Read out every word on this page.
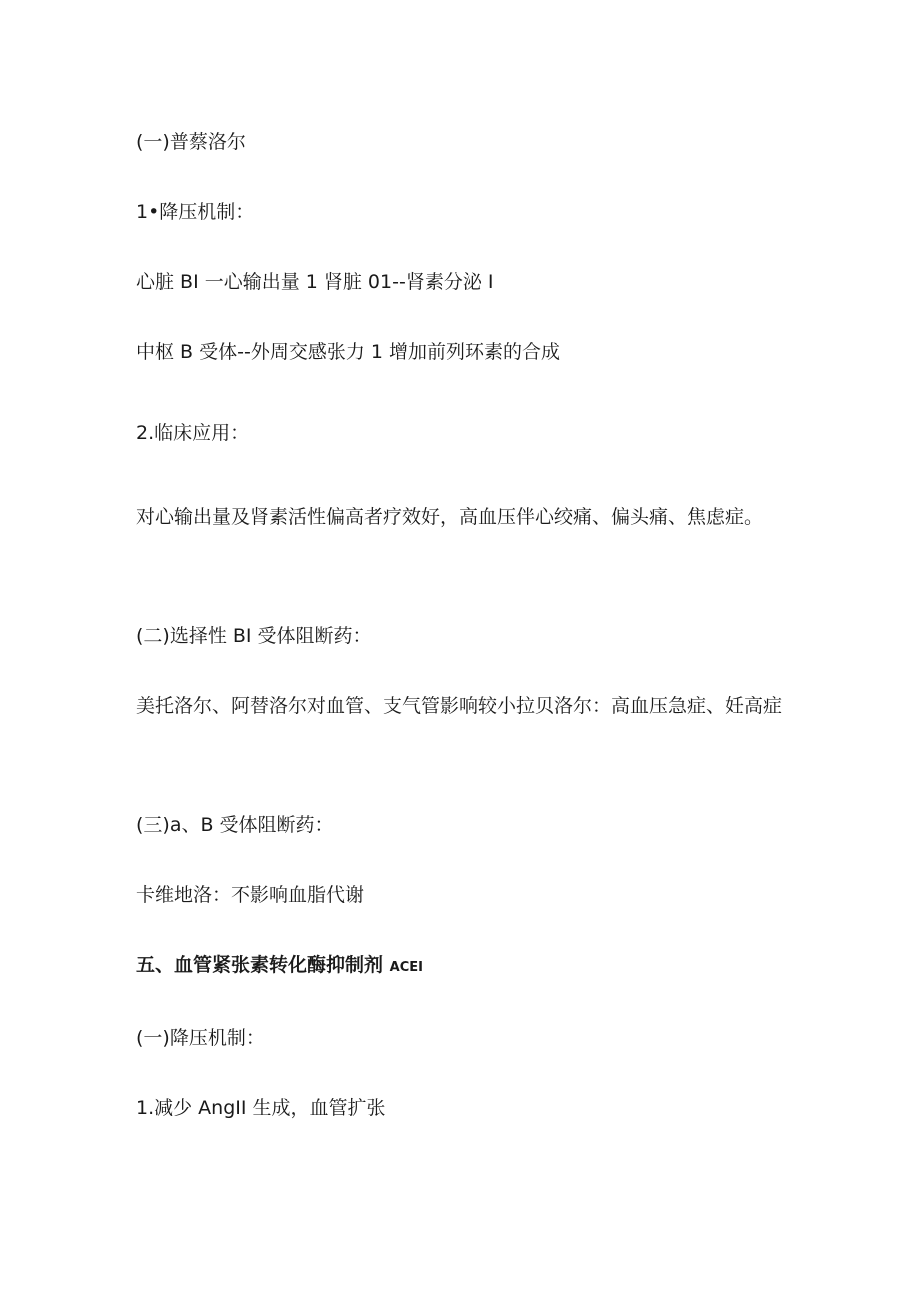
(一)普蔡洛尔
1•降压机制：
心脏 BI 一心输出量 1 肾脏 01--肾素分泌 I
中枢 B 受体--外周交感张力 1 增加前列环素的合成
2.临床应用：
对心输出量及肾素活性偏高者疗效好，高血压伴心绞痛、偏头痛、焦虑症。
(二)选择性 BI 受体阻断药：
美托洛尔、阿替洛尔对血管、支气管影响较小拉贝洛尔：高血压急症、妊高症
(三)a、B 受体阻断药：
卡维地洛：不影响血脂代谢
五、血管紧张素转化酶抑制剂 ACEI
(一)降压机制：
1.减少 AngII 生成，血管扩张
